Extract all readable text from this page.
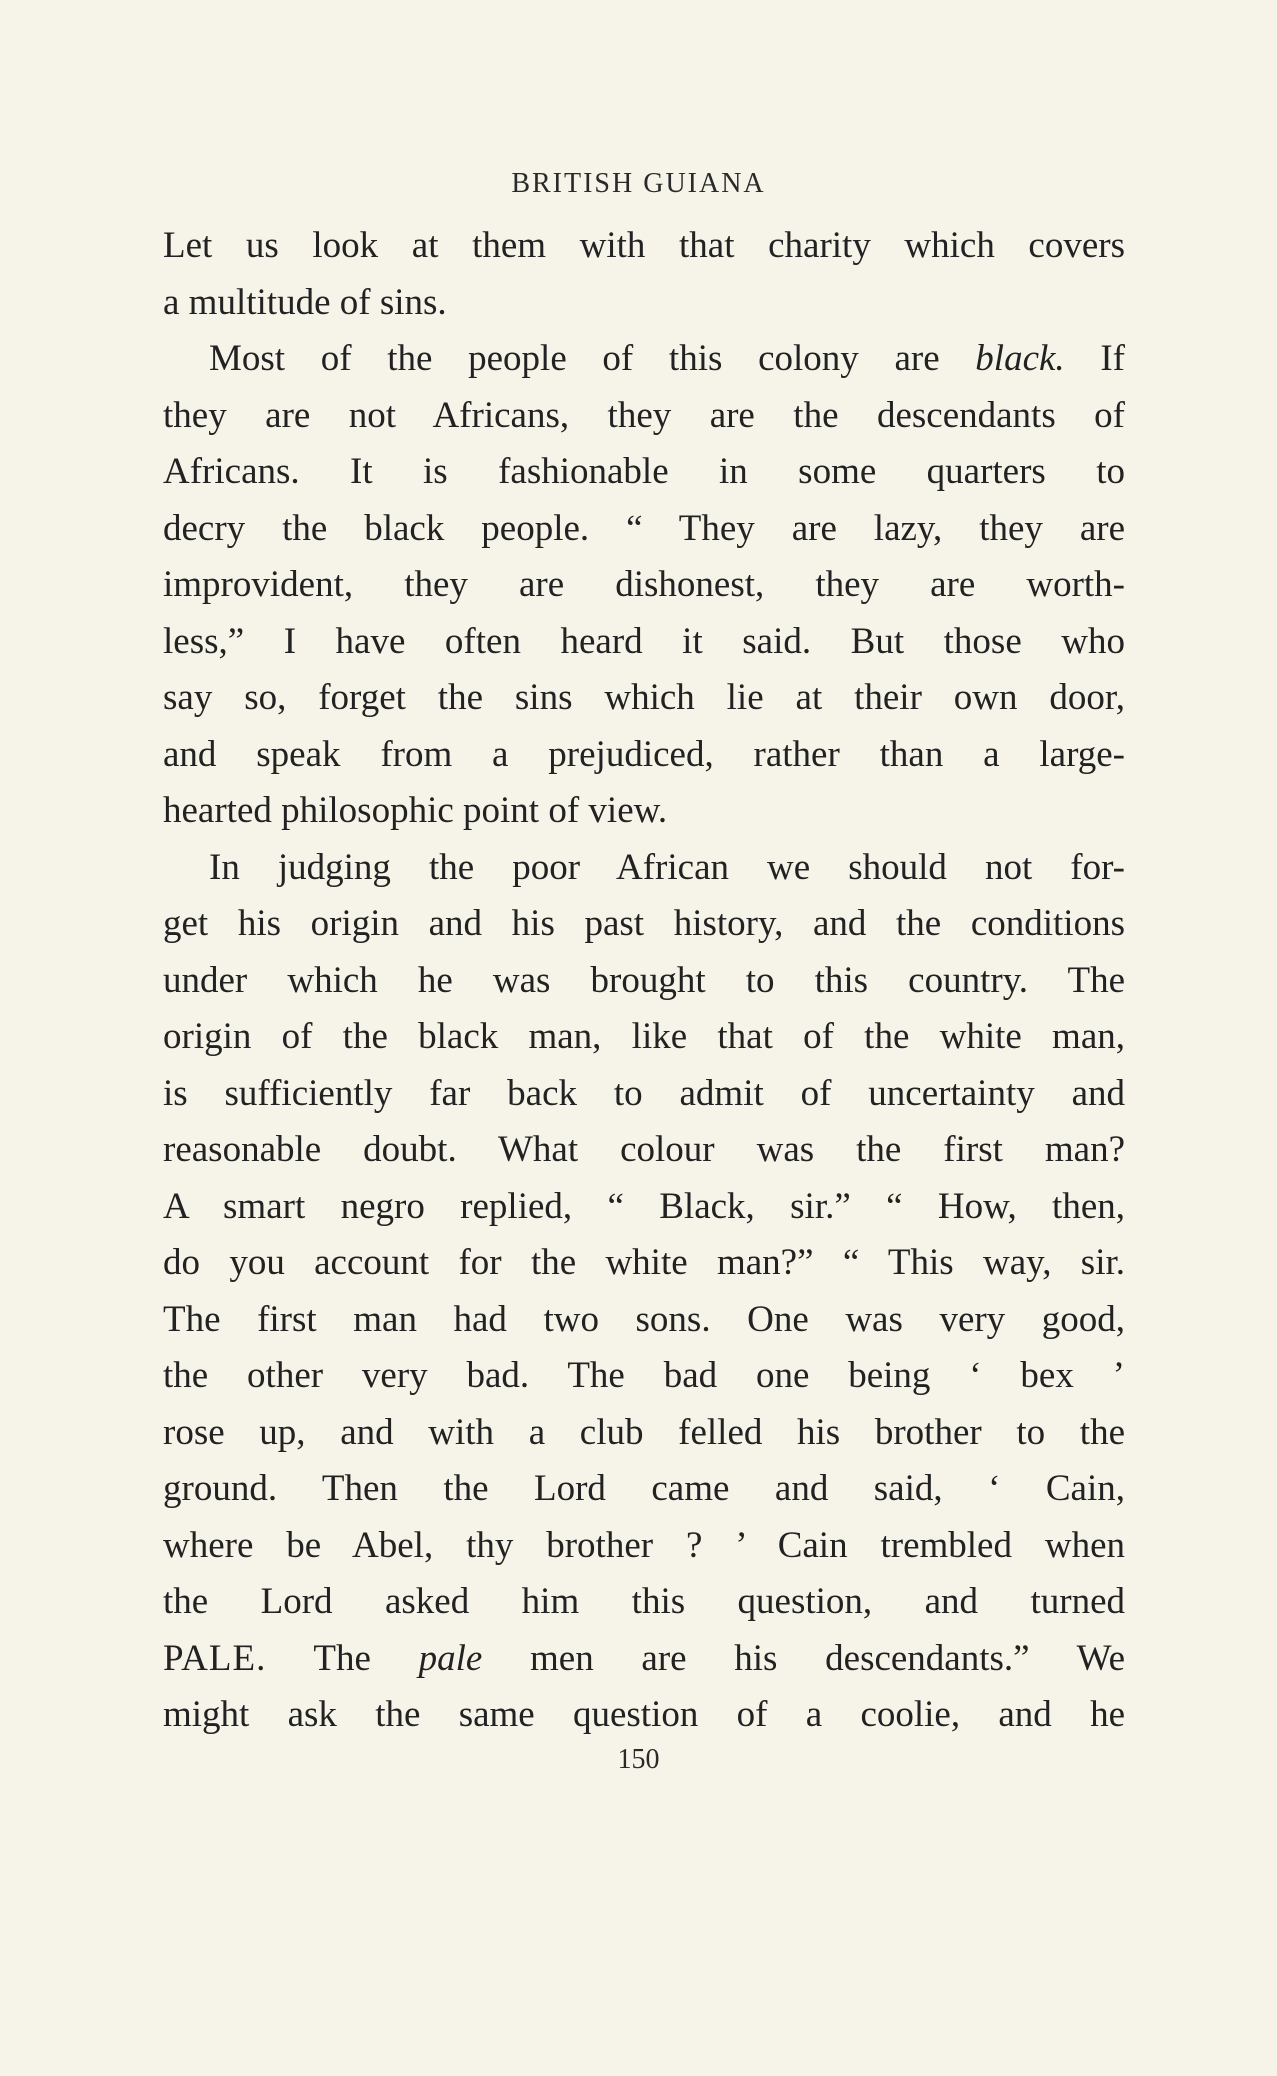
BRITISH GUIANA
Let us look at them with that charity which covers
a multitude of sins.
Most of the people of this colony are black. If
they are not Africans, they are the descendants of
Africans. It is fashionable in some quarters to
decry the black people. “ They are lazy, they are
improvident, they are dishonest, they are worth-
less,” I have often heard it said. But those who
say so, forget the sins which lie at their own door,
and speak from a prejudiced, rather than a large-
hearted philosophic point of view.
In judging the poor African we should not for-
get his origin and his past history, and the conditions
under which he was brought to this country. The
origin of the black man, like that of the white man,
is sufficiently far back to admit of uncertainty and
reasonable doubt. What colour was the first man?
A smart negro replied, “ Black, sir.” “ How, then,
do you account for the white man?” “ This way, sir.
The first man had two sons. One was very good,
the other very bad. The bad one being ‘ bex ’
rose up, and with a club felled his brother to the
ground. Then the Lord came and said, ‘ Cain,
where be Abel, thy brother ? ’ Cain trembled when
the Lord asked him this question, and turned
PALE. The pale men are his descendants.” We
might ask the same question of a coolie, and he
150
